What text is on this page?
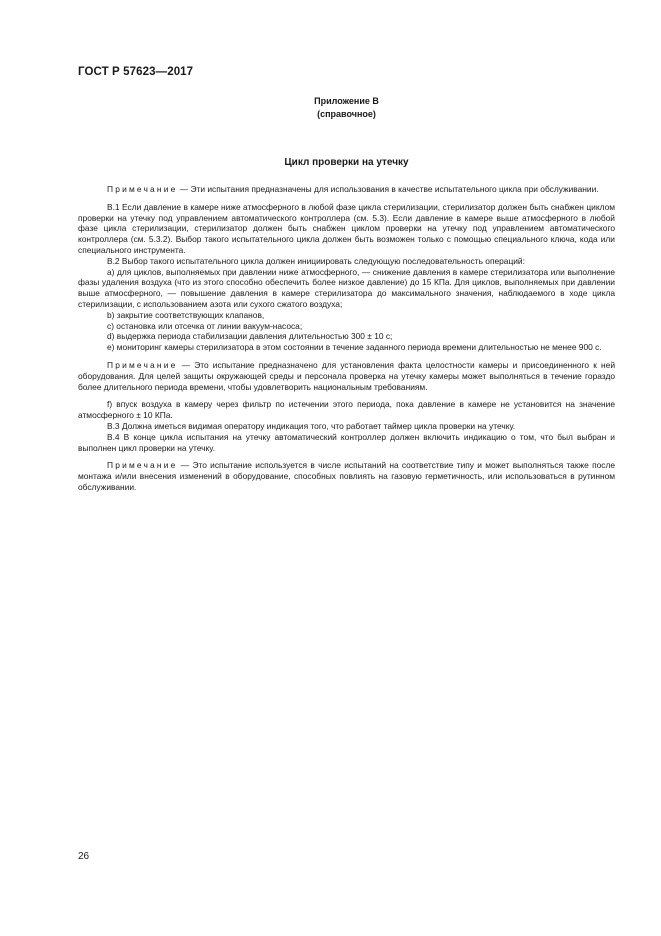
ГОСТ Р 57623—2017
Приложение В
(справочное)
Цикл проверки на утечку

Примечание — Эти испытания предназначены для использования в качестве испытательного цикла при обслуживании.

В.1 Если давление в камере ниже атмосферного в любой фазе цикла стерилизации, стерилизатор должен быть снабжен циклом проверки на утечку под управлением автоматического контроллера (см. 5.3). Если давление в камере выше атмосферного в любой фазе цикла стерилизации, стерилизатор должен быть снабжен циклом проверки на утечку под управлением автоматического контроллера (см. 5.3.2). Выбор такого испытательного цикла должен быть возможен только с помощью специального ключа, кода или специального инструмента.

В.2 Выбор такого испытательного цикла должен инициировать следующую последовательность операций:

а) для циклов, выполняемых при давлении ниже атмосферного, — снижение давления в камере стерилизатора или выполнение фазы удаления воздуха (что из этого способно обеспечить более низкое давление) до 15 КПа. Для циклов, выполняемых при давлении выше атмосферного, — повышение давления в камере стерилизатора до максимального значения, наблюдаемого в ходе цикла стерилизации, с использованием азота или сухого сжатого воздуха;

b) закрытие соответствующих клапанов,

с) остановка или отсечка от линии вакуум-насоса;

d) выдержка периода стабилизации давления длительностью 300 ± 10 с;

е) мониторинг камеры стерилизатора в этом состоянии в течение заданного периода времени длительностью не менее 900 с.

Примечание — Это испытание предназначено для установления факта целостности камеры и присоединенного к ней оборудования. Для целей защиты окружающей среды и персонала проверка на утечку камеры может выполняться в течение гораздо более длительного периода времени, чтобы удовлетворить национальным требованиям.

f) впуск воздуха в камеру через фильтр по истечении этого периода, пока давление в камере не установится на значение атмосферного ± 10 КПа.

В.3 Должна иметься видимая оператору индикация того, что работает таймер цикла проверки на утечку.

В.4 В конце цикла испытания на утечку автоматический контроллер должен включить индикацию о том, что был выбран и выполнен цикл проверки на утечку.

Примечание — Это испытание используется в числе испытаний на соответствие типу и может выполняться также после монтажа и/или внесения изменений в оборудование, способных повлиять на газовую герметичность, или использоваться в рутинном обслуживании.

26
